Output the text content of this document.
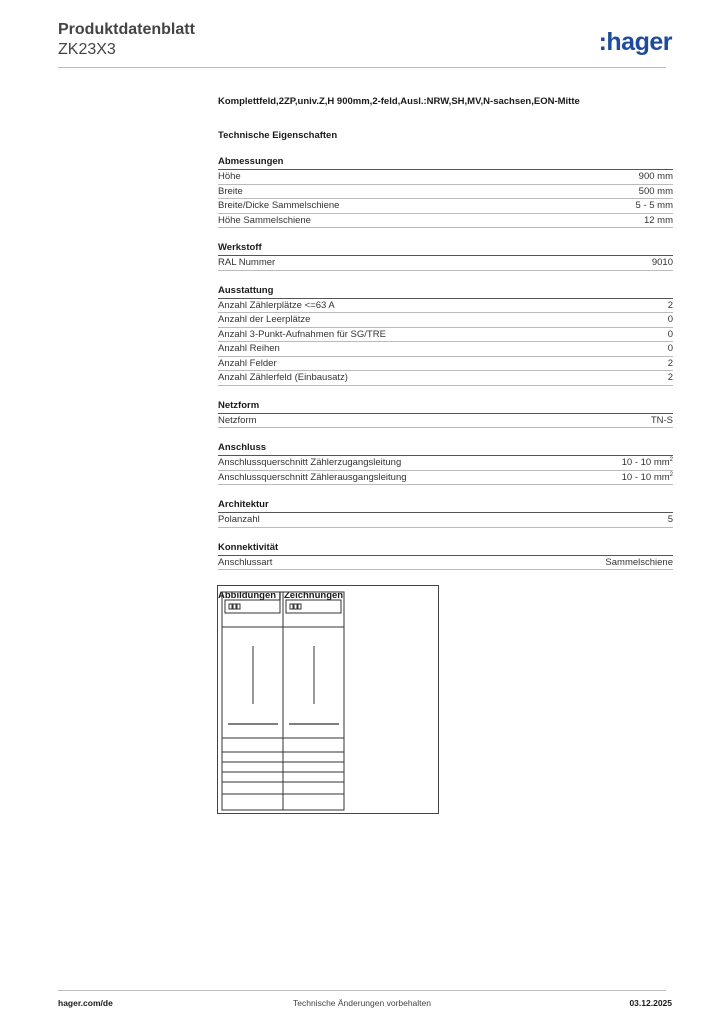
Produktdatenblatt
ZK23X3	:hager

Komplettfeld,2ZP,univ.Z,H 900mm,2-feld,Ausl.:NRW,SH,MV,N-sachsen,EON-Mitte

Technische Eigenschaften
Abmessungen
Höhe	900 mm
Breite	500 mm
Breite/Dicke Sammelschiene	5 - 5 mm
Höhe Sammelschiene	12 mm
Werkstoff
RAL Nummer	9010
Ausstattung
Anzahl Zählerplätze <=63 A	2
Anzahl der Leerplätze	0
Anzahl 3-Punkt-Aufnahmen für SG/TRE	0
Anzahl Reihen	0
Anzahl Felder	2
Anzahl Zählerfeld (Einbausatz)	2
Netzform
Netzform	TN-S
Anschluss
Anschlussquerschnitt Zählerzugangsleitung	10 - 10 $mm^2$
Anschlussquerschnitt Zählerausgangsleitung	10 - 10 $mm^2$
Architektur
Polanzahl	5
Konnektivität
Anschlussart	Sammelschiene
Abbildungen | Zeichnungen
hager.com/de	Technische Änderungen vorbehalten	03.12.2025
